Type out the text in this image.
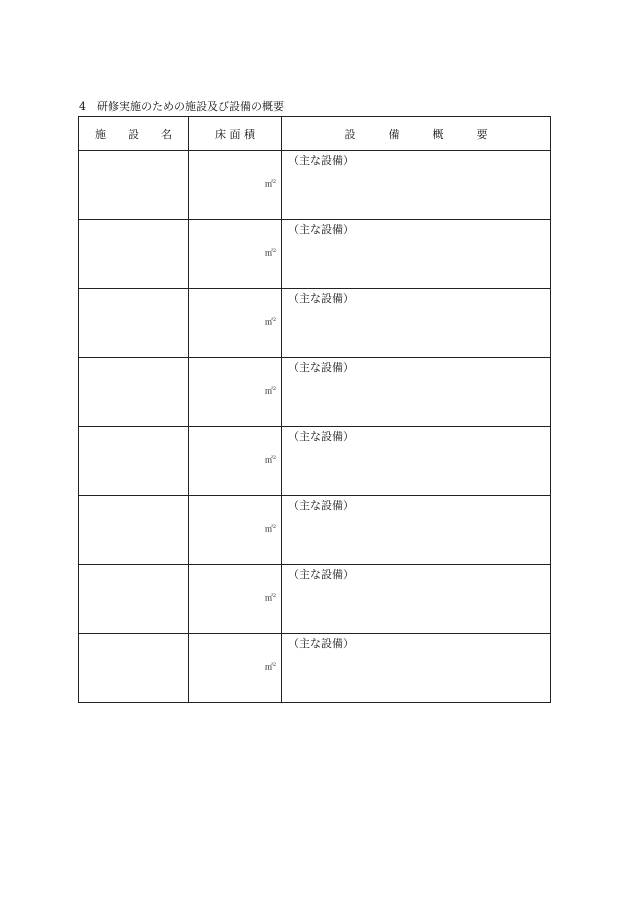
4 研修実施のための施設及び設備の概要
施　　設　　名	床 面 積	設　　　備　　　概　　　要

	㎡$^2$	（主な設備）

	㎡$^2$	（主な設備）

	㎡$^2$	（主な設備）

	㎡$^2$	（主な設備）

	㎡$^2$	（主な設備）

	㎡$^2$	（主な設備）

	㎡$^2$	（主な設備）

	㎡$^2$	（主な設備）
